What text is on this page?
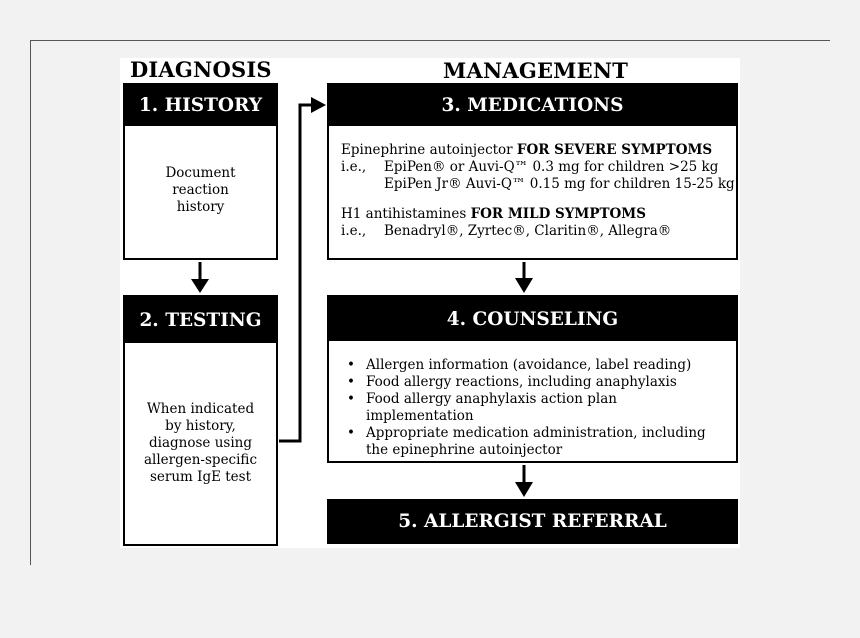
DIAGNOSIS	MANAGEMENT
1. HISTORY
Document reaction history
2. TESTING
When indicated by history, diagnose using allergen-specific serum IgE test
3. MEDICATIONS
Epinephrine autoinjector FOR SEVERE SYMPTOMS
i.e.,	EpiPen® or Auvi-Q™ 0.3 mg for children >25 kg
EpiPen Jr® Auvi-Q™ 0.15 mg for children 15-25 kg
H1 antihistamines FOR MILD SYMPTOMS
i.e.,	Benadryl®, Zyrtec®, Claritin®, Allegra®
4. COUNSELING
• Allergen information (avoidance, label reading)
• Food allergy reactions, including anaphylaxis
• Food allergy anaphylaxis action plan implementation
• Appropriate medication administration, including the epinephrine autoinjector
5. ALLERGIST REFERRAL
